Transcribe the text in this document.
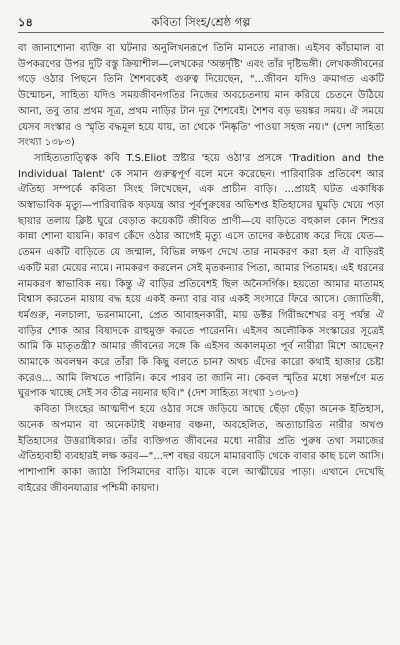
১৪	কবিতা সিংহ/শ্রেষ্ঠ গল্প

বা জানাশোনা ব্যক্তি বা ঘটনার অনুলিখনরূপে তিনি মানতে নারাজ। এইসব কাঁচামাল বা উপকরণের উপর দুটি বস্তু ক্রিয়াশীল—লেখকের 'অন্তর্দৃষ্টি' এবং তাঁর দৃষ্টিভঙ্গী। লেখকজীবনের গড়ে ওঠার পিছনে তিনি শৈশবকেই গুরুত্ব দিয়েছেন, "...জীবন যদিও ক্রমাগত একটি উন্মোচন, সাহিত্য যদিও সময়জীবনগতির নিজের অবচেতনায় মান করিয়ে চেতনে উঠিয়ে আনা, তবু তার প্রথম সূত্র, প্রথম নাড়ির টান দূর শৈশবেই। শৈশব বড় ভয়ঙ্কর সময়। ঐ সময়ে যেসব সংস্কার ও স্মৃতি বদ্ধমূল হয়ে যায়, তা থেকে 'নিষ্কৃতি' পাওয়া সহজ নয়।" (দেশ সাহিত্য সংখ্যা ১৩৮৩)

সাহিত্যতাত্ত্বিক কবি T.S.Eliot স্রষ্টার 'হয়ে ওঠা'র প্রসঙ্গে 'Tradition and the Individual Talent' কে সমান গুরুত্বপূর্ণ বলে মনে করেছেন। পারিবারিক প্রতিবেশ আর ঐতিহ্য সম্পর্কে কবিতা সিংহ লিখেছেন, এক প্রাচীন বাড়ি। ...প্রায়ই ঘটত একাধিক অস্বাভাবিক মৃত্যু—পারিবারিক ষড়যন্ত্র আর পূর্বপুরুষের অভিশপ্ত ইতিহাসের ঘুমড়ি খেয়ে পড়া ছায়ার তলায় ক্লিষ্ট ঘুরে বেড়াত কয়েকটি জীবিত প্রাণী—যে বাড়িতে বহুকাল কোন শিশুর কান্না শোনা যায়নি। কারণ কেঁদে ওঠার আগেই মৃত্যু এসে তাদের কণ্ঠরোধ করে দিয়ে যেত—তেমন একটি বাড়িতে যে জন্মাল, বিভিন্ন লক্ষণ দেখে তার নামকরণ করা হল ঐ বাড়িরই একটি মরা মেয়ের নামে। নামকরণ করলেন সেই মৃতকন্যার পিতা, আমার পিতামহ। এই ধরনের নামকরণ স্বাভাবিক নয়। কিন্তু ঐ বাড়ির প্রতিবেশই ছিল অনৈসর্গিক। হয়তো আমার মাতামহ বিশ্বাস করতেন মায়ায় বদ্ধ হয়ে একই কন্যা বার বার একই সংসারে ফিরে আসে। জ্যোতিষী, ধর্মগুরু, নলচালা, ভরনামানো, প্রেত আবাহনকারী, মায় ডক্টর গিরীন্দ্রশেখর বসু পর্যন্ত ঐ বাড়ির শোক আর বিষাদকে রাহুমুক্ত করতে পারেননি। এইসব অলৌকিক সংস্কারের সূত্রেই আমি কি মাতৃতন্ত্রী? আমার জীবনের সঙ্গে কি এইসব অকালমৃতা পূর্ব নারীরা মিশে আছেন? আমাকে অবলম্বন করে তাঁরা কি কিছু বলতে চান? অথচ এঁদের কারো কথাই হাজার চেষ্টা করেও... আমি লিখতে পারিনি। কবে পারব তা জানি না। কেবল স্মৃতির মধ্যে সন্তর্পণে মত ঘুরপাক খাচ্ছে সেই সব তীব্র নয়নার ছবি।" (দেশ সাহিত্য সংখ্যা ১৩৮৩)

কবিতা সিংহের আত্মদীপ হয়ে ওঠার সঙ্গে জড়িয়ে আছে ছেঁড়া ছেঁড়া অনেক ইতিহাস, অনেক অপমান বা অনেকটাই বঞ্চনার বঞ্চনা, অবহেলিত, অত্যাচারিত নারীর অখণ্ড ইতিহাসের উত্তরাধিকার। তাঁর ব্যক্তিগত জীবনের মধ্যে নারীর প্রতি পুরুষ তথা সমাজের ঐতিহ্যবাহী ব্যবহারই লক্ষ করব—"...দশ বছর বয়সে মামারবাড়ি থেকে বাবার কাছ চলে আসি। পাশাপাশি কাকা জ্যাঠা পিসিমাদের বাড়ি। যাকে বলে আত্মীয়ের পাড়া। এখানে দেখেছি বাইরের জীবনযাত্রার পশ্চিমী কায়দা।
